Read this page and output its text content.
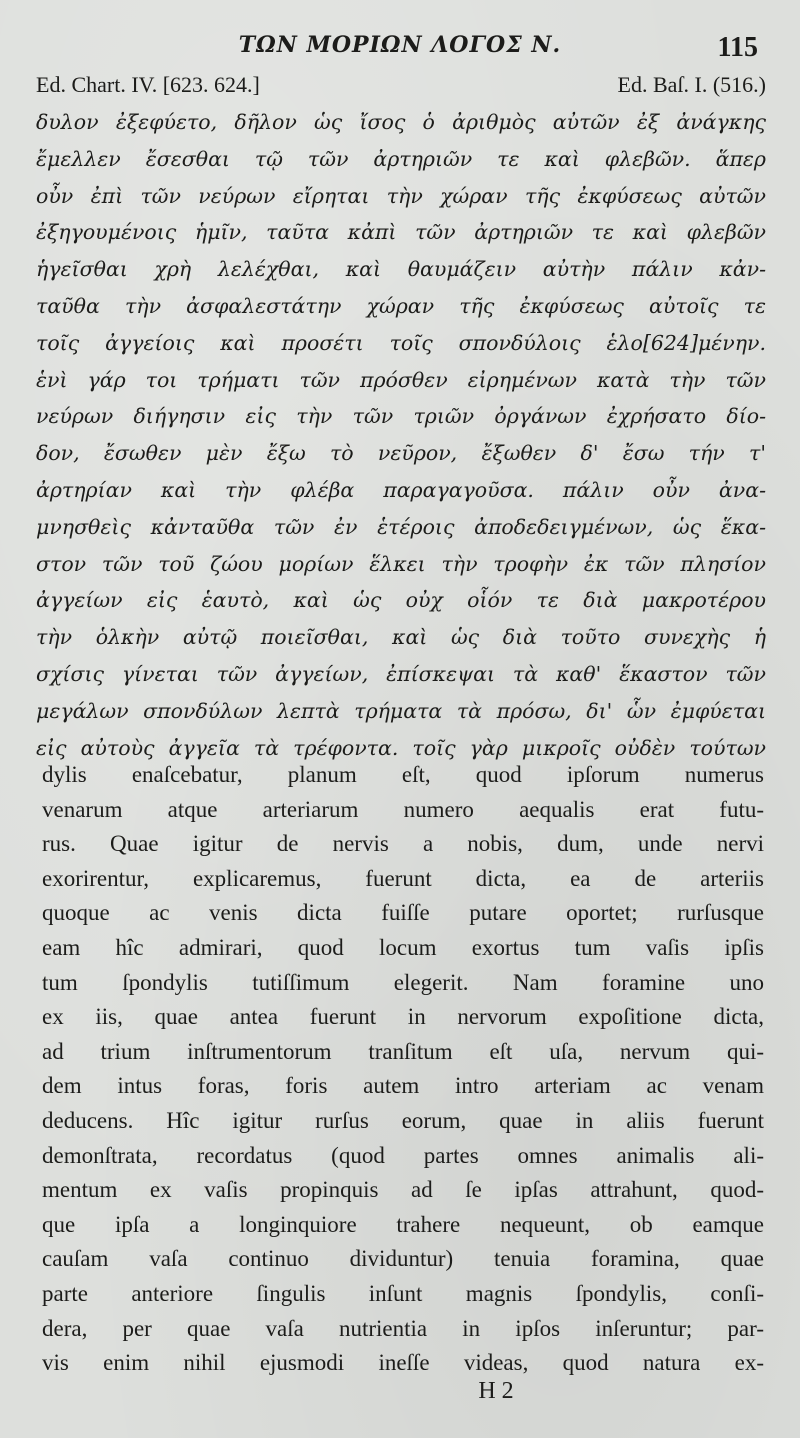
ΤΩΝ ΜΟΡΙΩΝ ΛΟΓΟΣ Ν.	115
Ed. Chart. IV. [623. 624.]	Ed. Baſ. I. (516.)
δυλον ἐξεφύετο, δῆλον ὡς ἴσος ὁ ἀριθμὸς αὐτῶν ἐξ ἀνάγκης
ἔμελλεν ἔσεσθαι τῷ τῶν ἀρτηριῶν τε καὶ φλεβῶν. ἅπερ
οὖν ἐπὶ τῶν νεύρων εἴρηται τὴν χώραν τῆς ἐκφύσεως αὐτῶν
ἐξηγουμένοις ἡμῖν, ταῦτα κἀπὶ τῶν ἀρτηριῶν τε καὶ φλεβῶν
ἡγεῖσθαι χρὴ λελέχθαι, καὶ θαυμάζειν αὐτὴν πάλιν κἀν-
ταῦθα τὴν ἀσφαλεστάτην χώραν τῆς ἐκφύσεως αὐτοῖς τε
τοῖς ἀγγείοις καὶ προσέτι τοῖς σπονδύλοις ἑλο[624]μένην.
ἑνὶ γάρ τοι τρήματι τῶν πρόσθεν εἰρημένων κατὰ τὴν τῶν
νεύρων διήγησιν εἰς τὴν τῶν τριῶν ὀργάνων ἐχρήσατο δίο-
δον, ἔσωθεν μὲν ἔξω τὸ νεῦρον, ἔξωθεν δ' ἔσω τήν τ'
ἀρτηρίαν καὶ τὴν φλέβα παραγαγοῦσα. πάλιν οὖν ἀνα-
μνησθεὶς κἀνταῦθα τῶν ἐν ἑτέροις ἀποδεδειγμένων, ὡς ἕκα-
στον τῶν τοῦ ζώου μορίων ἕλκει τὴν τροφὴν ἐκ τῶν πλησίον
ἀγγείων εἰς ἑαυτὸ, καὶ ὡς οὐχ οἷόν τε διὰ μακροτέρου
τὴν ὁλκὴν αὐτῷ ποιεῖσθαι, καὶ ὡς διὰ τοῦτο συνεχὴς ἡ
σχίσις γίνεται τῶν ἀγγείων, ἐπίσκεψαι τὰ καθ' ἕκαστον τῶν
μεγάλων σπονδύλων λεπτὰ τρήματα τὰ πρόσω, δι' ὧν ἐμφύεται
εἰς αὐτοὺς ἀγγεῖα τὰ τρέφοντα. τοῖς γὰρ μικροῖς οὐδὲν τούτων
dylis enaſcebatur, planum eſt, quod ipſorum numerus
venarum atque arteriarum numero aequalis erat futu-
rus. Quae igitur de nervis a nobis, dum, unde nervi
exorirentur, explicaremus, fuerunt dicta, ea de arteriis
quoque ac venis dicta fuiſſe putare oportet; rurſusque
eam hîc admirari, quod locum exortus tum vaſis ipſis
tum ſpondylis tutiſſimum elegerit. Nam foramine uno
ex iis, quae antea fuerunt in nervorum expoſitione dicta,
ad trium inſtrumentorum tranſitum eſt uſa, nervum qui-
dem intus foras, foris autem intro arteriam ac venam
deducens. Hîc igitur rurſus eorum, quae in aliis fuerunt
demonſtrata, recordatus (quod partes omnes animalis ali-
mentum ex vaſis propinquis ad ſe ipſas attrahunt, quod-
que ipſa a longinquiore trahere nequeunt, ob eamque
cauſam vaſa continuo dividuntur) tenuia foramina, quae
parte anteriore ſingulis inſunt magnis ſpondylis, conſi-
dera, per quae vaſa nutrientia in ipſos inſeruntur; par-
vis enim nihil ejusmodi ineſſe videas, quod natura ex-
H 2
